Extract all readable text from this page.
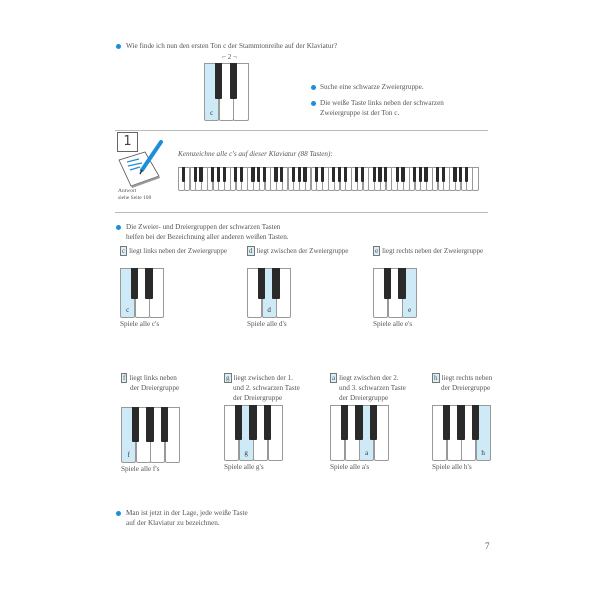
Wie finde ich nun den ersten Ton c der Stammtonreihe auf der Klaviatur?
⌐ 2 ¬
c
Suche eine schwarze Zweiergruppe.
Die weiße Taste links neben der schwarzen
Zweiergruppe ist der Ton c.
1
Antwort
siehe Seite 108
Kennzeichne alle c's auf dieser Klaviatur (88 Tasten):
Die Zweier- und Dreiergruppen der schwarzen Tasten
helfen bei der Bezeichnung aller anderen weißen Tasten.
c liegt links neben der Zweiergruppe
c
Spiele alle c's
d liegt zwischen der Zweiergruppe
d
Spiele alle d's
e liegt rechts neben der Zweiergruppe
e
Spiele alle e's
f liegt links neben
der Dreiergruppe
f
Spiele alle f's
g liegt zwischen der 1.
und 2. schwarzen Taste
der Dreiergruppe
g
Spiele alle g's
a liegt zwischen der 2.
und 3. schwarzen Taste
der Dreiergruppe
a
Spiele alle a's
h liegt rechts neben
der Dreiergruppe
h
Spiele alle h's
Man ist jetzt in der Lage, jede weiße Taste
auf der Klaviatur zu bezeichnen.
7
